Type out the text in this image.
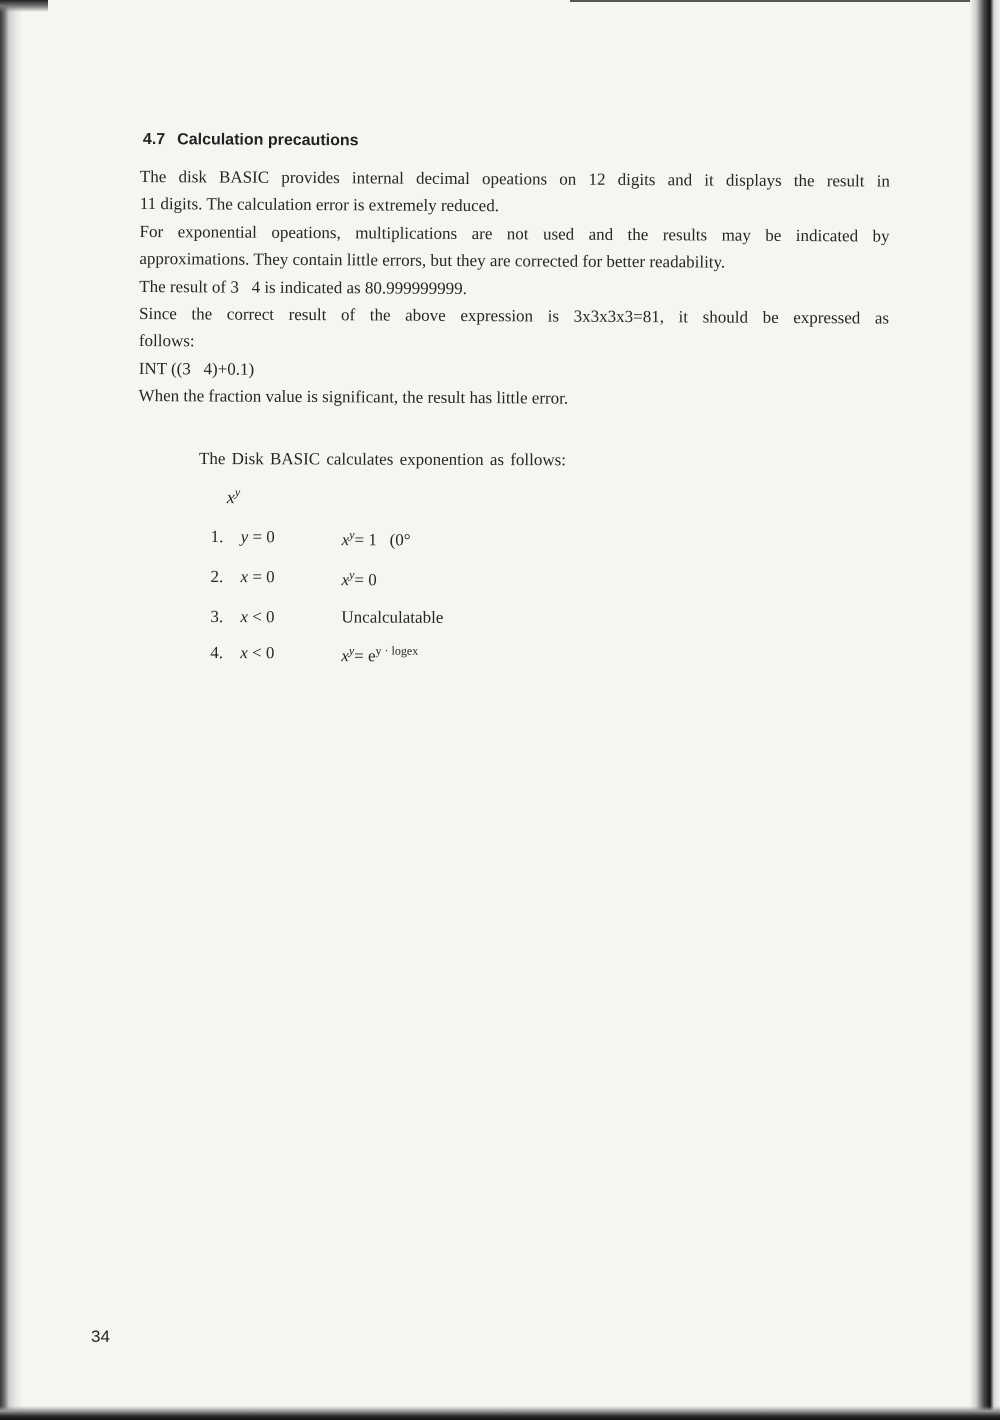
4.7 Calculation precautions

The disk BASIC provides internal decimal opeations on 12 digits and it displays the result in

11 digits. The calculation error is extremely reduced.

For exponential opeations, multiplications are not used and the results may be indicated by

approximations. They contain little errors, but they are corrected for better readability.

The result of 3   4 is indicated as 80.999999999.

Since the correct result of the above expression is 3x3x3x3=81, it should be expressed as

follows:

INT ((3   4)+0.1)

When the fraction value is significant, the result has little error.

The Disk BASIC calculates exponention as follows:
$x^y$
1.	y = 0	$x^y= 1$   (0°
2.	x = 0	$x^y= 0$
3.	x < 0	Uncalculatable
4.	x < 0	$x^y= e^{y \cdot logex}$
34
